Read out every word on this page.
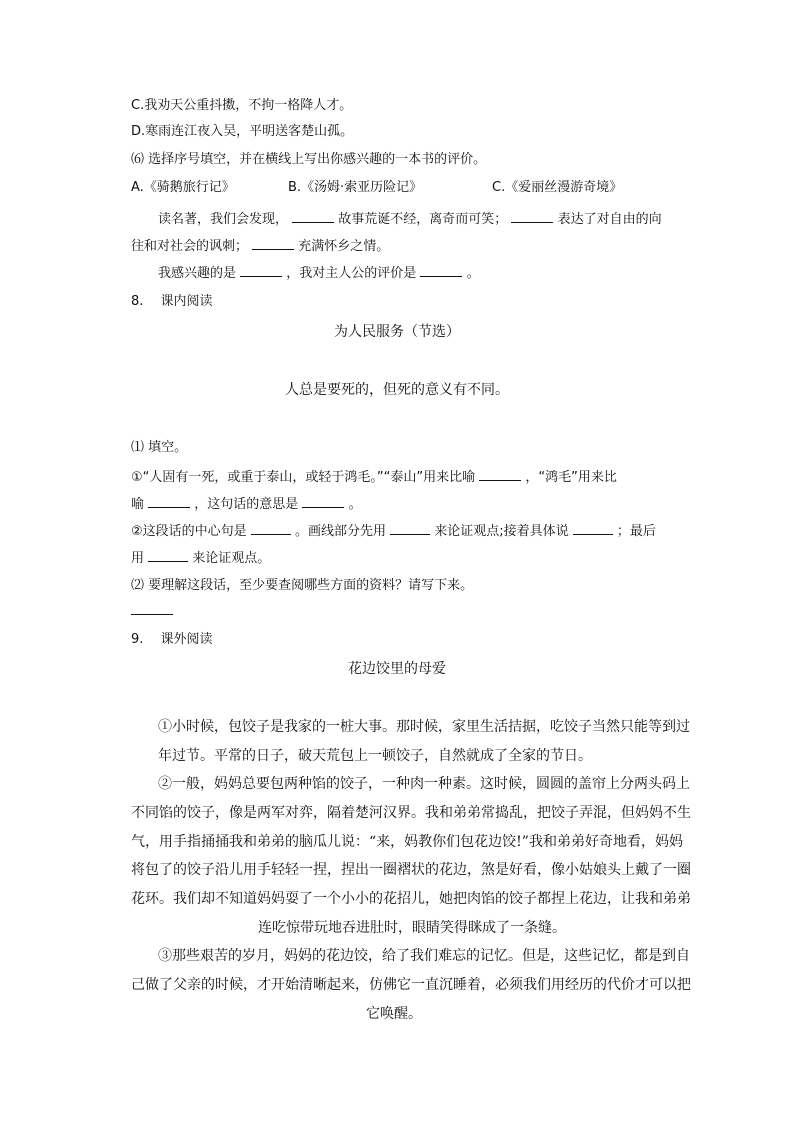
C.我劝天公重抖擞，不拘一格降人才。
D.寒雨连江夜入吴，平明送客楚山孤。
⑹ 选择序号填空，并在横线上写出你感兴趣的一本书的评价。
A.《骑鹅旅行记》	B.《汤姆·索亚历险记》	C.《爱丽丝漫游奇境》
读名著，我们会发现，	故事荒诞不经，离奇而可笑；	表达了对自由的向
往和对社会的讽刺；	充满怀乡之情。
我感兴趣的是	，我对主人公的评价是	。
8.　 课内阅读
为人民服务（节选）
人总是要死的，但死的意义有不同。
⑴ 填空。
①“人固有一死，或重于泰山，或轻于鸿毛。”“泰山”用来比喻	，“鸿毛”用来比
喻	，这句话的意思是	。
②这段话的中心句是	。画线部分先用	来论证观点;接着具体说	；最后
用	来论证观点。
⑵ 要理解这段话，至少要查阅哪些方面的资料？请写下来。
9.　 课外阅读
花边饺里的母爱
①小时候，包饺子是我家的一桩大事。那时候，家里生活拮据，吃饺子当然只能等到过
年过节。平常的日子，破天荒包上一顿饺子，自然就成了全家的节日。
②一般，妈妈总要包两种馅的饺子，一种肉一种素。这时候，圆圆的盖帘上分两头码上
不同馅的饺子，像是两军对弈，隔着楚河汉界。我和弟弟常捣乱，把饺子弄混，但妈妈不生
气，用手指捅捅我和弟弟的脑瓜儿说：“来，妈教你们包花边饺!”我和弟弟好奇地看，妈妈
将包了的饺子沿儿用手轻轻一捏，捏出一圈褶状的花边，煞是好看，像小姑娘头上戴了一圈
花环。我们却不知道妈妈耍了一个小小的花招儿，她把肉馅的饺子都捏上花边，让我和弟弟
连吃惊带玩地吞进肚时，眼睛笑得眯成了一条缝。
③那些艰苦的岁月，妈妈的花边饺，给了我们难忘的记忆。但是，这些记忆，都是到自
己做了父亲的时候，才开始清晰起来，仿佛它一直沉睡着，必须我们用经历的代价才可以把
它唤醒。
